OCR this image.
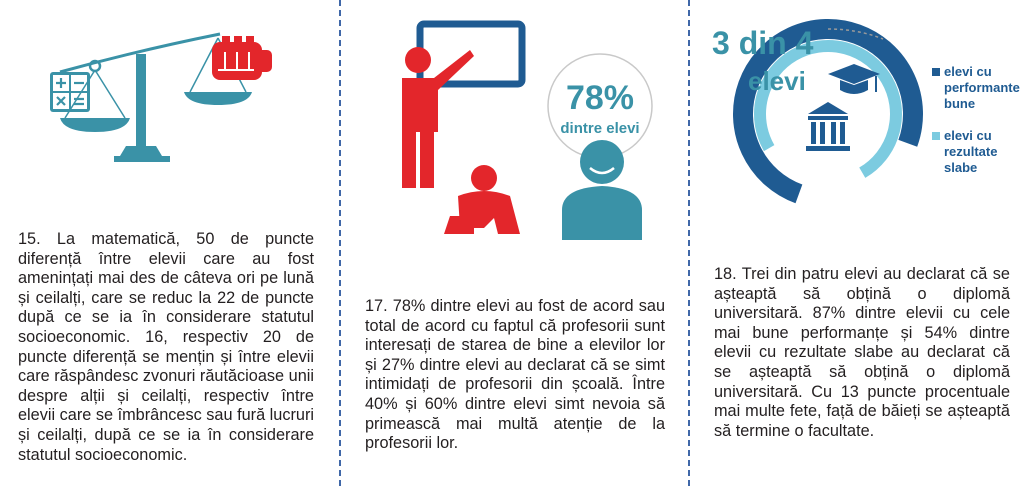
15. La matematică, 50 de puncte diferență între elevii care au fost amenințați mai des de câteva ori pe lună și ceilalți, care se reduc la 22 de puncte după ce se ia în considerare statutul socioeconomic. 16, respectiv 20 de puncte diferență se mențin și între elevii care răspândesc zvonuri răutăcioase unii despre alții și ceilalți, respectiv între elevii care se îmbrâncesc sau fură lucruri și ceilalți, după ce se ia în considerare statutul socioeconomic.

78%
dintre elevi

17. 78% dintre elevi au fost de acord sau total de acord cu faptul că profesorii sunt interesați de starea de bine a elevilor lor și 27% dintre elevi au declarat că se simt intimidați de profesorii din școală. Între 40% și 60% dintre elevi simt nevoia să primească mai multă atenție de la profesorii lor.

3 din 4
elevi	elevi cu
performante
bune
elevi cu
rezultate
slabe

18. Trei din patru elevi au declarat că se așteaptă să obțină o diplomă universitară. 87% dintre elevii cu cele mai bune performanțe și 54% dintre elevii cu rezultate slabe au declarat că se așteaptă să obțină o diplomă universitară. Cu 13 puncte procentuale mai multe fete, față de băieți se așteaptă să termine o facultate.
